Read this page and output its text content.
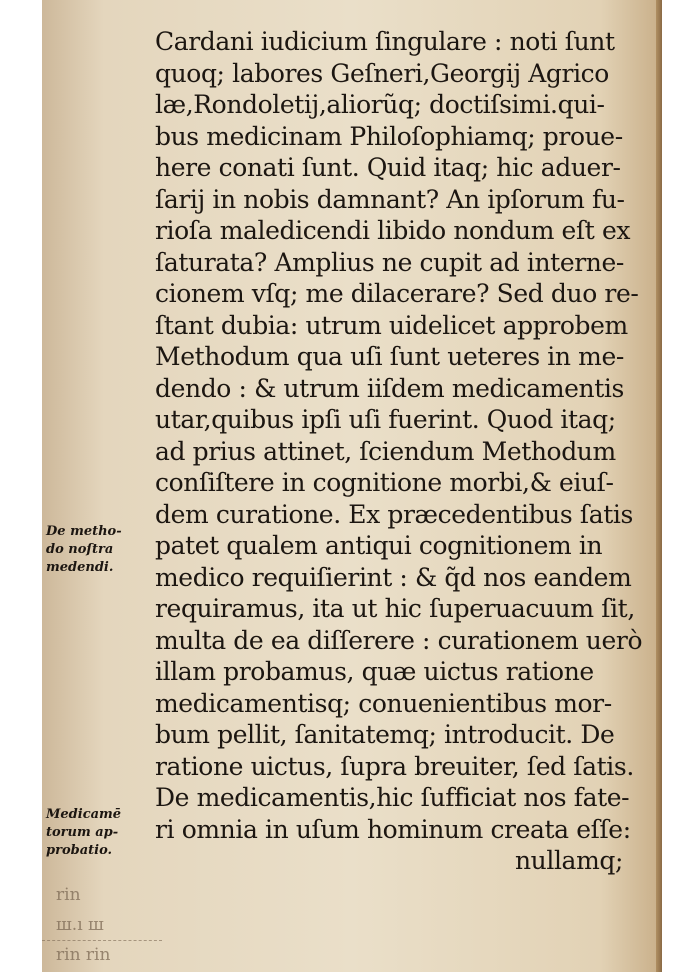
Cardani iudicium ſingulare : noti ſunt
quoq; labores Geſneri,Georgij Agrico
læ,Rondoletij,aliorũq; doctiſsimi.qui-
bus medicinam Philoſophiamq; proue-
here conati ſunt. Quid itaq; hic aduer-
ſarij in nobis damnant? An ipſorum fu-
rioſa maledicendi libido nondum eſt ex
ſaturata? Amplius ne cupit ad interne-
cionem vſq; me dilacerare? Sed duo re-
ſtant dubia: utrum uidelicet approbem
Methodum qua uſi ſunt ueteres in me-
dendo : & utrum iiſdem medicamentis
utar,quibus ipſi uſi fuerint. Quod itaq;
ad prius attinet, ſciendum Methodum
conſiſtere in cognitione morbi,& eiuſ-
dem curatione. Ex præcedentibus ſatis
patet qualem antiqui cognitionem in
medico requiſierint : & q̃d nos eandem
requiramus, ita ut hic ſuperuacuum ſit,
multa de ea diſſerere : curationem uerò
illam probamus, quæ uictus ratione
medicamentisq; conuenientibus mor-
bum pellit, ſanitatemq; introducit. De
ratione uictus, ſupra breuiter, ſed ſatis.
De medicamentis,hic ſufficiat nos fate-
ri omnia in uſum hominum creata eſſe:
nullamq;
De metho-
do noſtra
medendi.
Medicamē
torum ap-
probatio.
rin
ш.ı ш
rin rin
